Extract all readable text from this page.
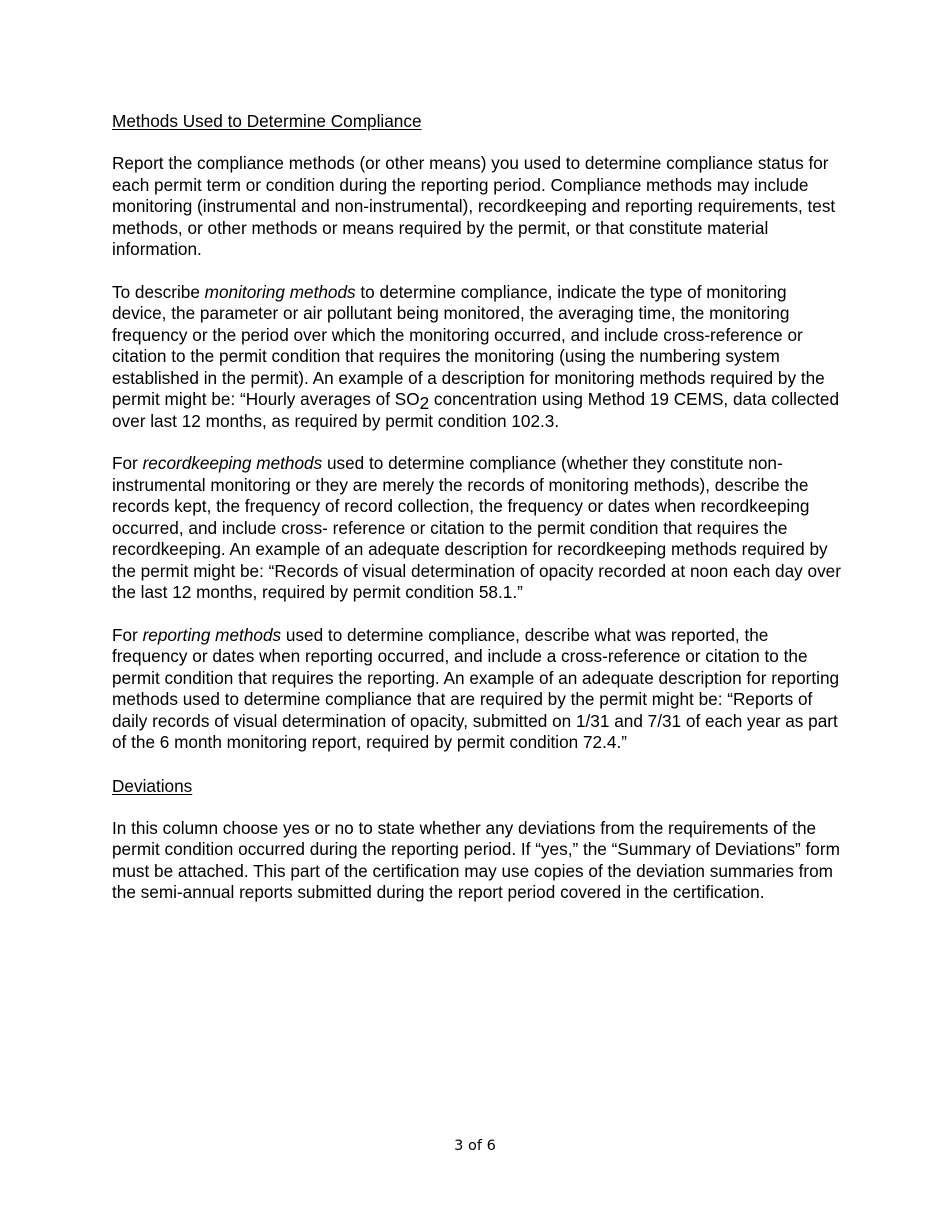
Methods Used to Determine Compliance

Report the compliance methods (or other means) you used to determine compliance status for each permit term or condition during the reporting period. Compliance methods may include monitoring (instrumental and non-instrumental), recordkeeping and reporting requirements, test methods, or other methods or means required by the permit, or that constitute material information.

To describe monitoring methods to determine compliance, indicate the type of monitoring device, the parameter or air pollutant being monitored, the averaging time, the monitoring frequency or the period over which the monitoring occurred, and include cross-reference or citation to the permit condition that requires the monitoring (using the numbering system established in the permit). An example of a description for monitoring methods required by the permit might be: “Hourly averages of $SO_2$ concentration using Method 19 CEMS, data collected over last 12 months, as required by permit condition 102.3.

For recordkeeping methods used to determine compliance (whether they constitute non-instrumental monitoring or they are merely the records of monitoring methods), describe the records kept, the frequency of record collection, the frequency or dates when recordkeeping occurred, and include cross- reference or citation to the permit condition that requires the recordkeeping. An example of an adequate description for recordkeeping methods required by the permit might be: “Records of visual determination of opacity recorded at noon each day over the last 12 months, required by permit condition 58.1.”

For reporting methods used to determine compliance, describe what was reported, the frequency or dates when reporting occurred, and include a cross-reference or citation to the permit condition that requires the reporting. An example of an adequate description for reporting methods used to determine compliance that are required by the permit might be: “Reports of daily records of visual determination of opacity, submitted on 1/31 and 7/31 of each year as part of the 6 month monitoring report, required by permit condition 72.4.”

Deviations

In this column choose yes or no to state whether any deviations from the requirements of the permit condition occurred during the reporting period. If “yes,” the “Summary of Deviations” form must be attached. This part of the certification may use copies of the deviation summaries from the semi-annual reports submitted during the report period covered in the certification.

3 of 6
